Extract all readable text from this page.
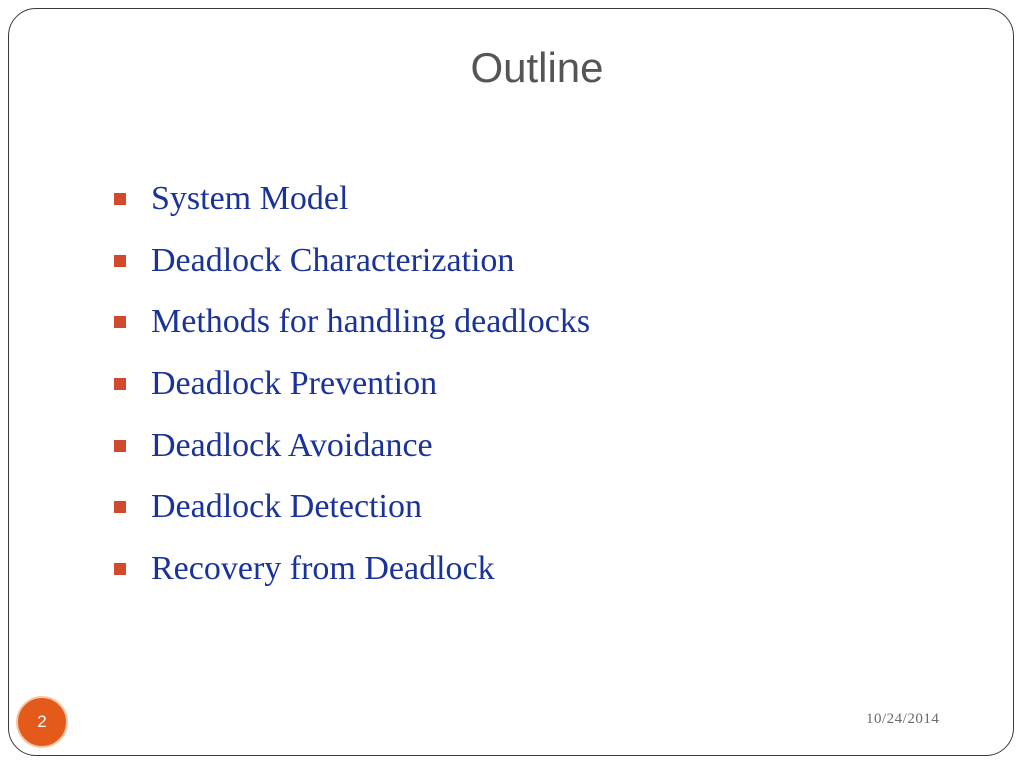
Outline
System Model
Deadlock Characterization
Methods for handling deadlocks
Deadlock Prevention
Deadlock Avoidance
Deadlock Detection
Recovery from Deadlock
2	10/24/2014
